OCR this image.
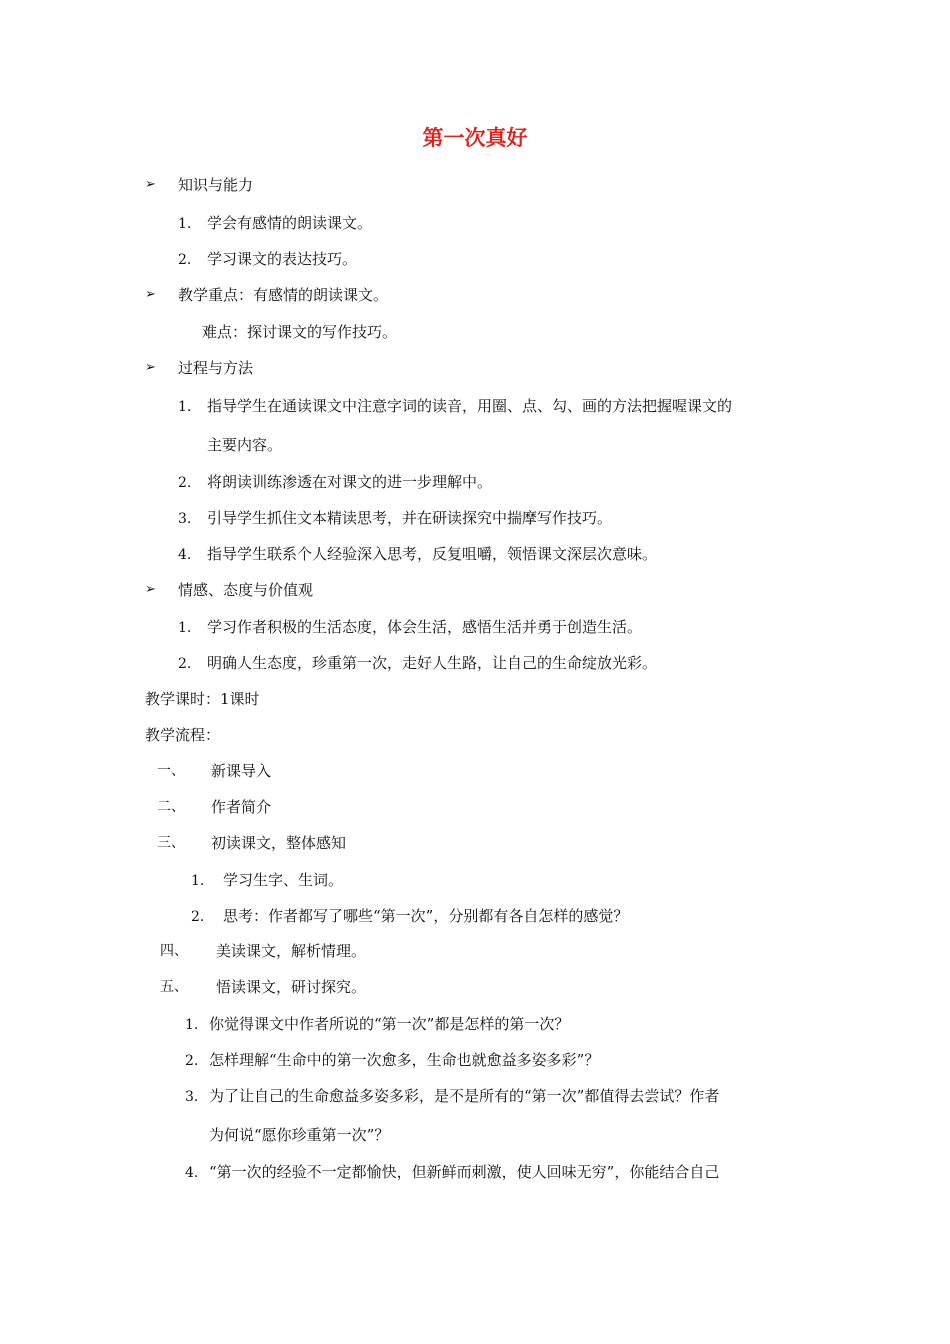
第一次真好
➢ 知识与能力
1. 学会有感情的朗读课文。
2. 学习课文的表达技巧。
➢ 教学重点：有感情的朗读课文。
难点：探讨课文的写作技巧。
➢ 过程与方法
1. 指导学生在通读课文中注意字词的读音，用圈、点、勾、画的方法把握喔课文的
主要内容。
2. 将朗读训练渗透在对课文的进一步理解中。
3. 引导学生抓住文本精读思考，并在研读探究中揣摩写作技巧。
4. 指导学生联系个人经验深入思考，反复咀嚼，领悟课文深层次意味。
➢ 情感、态度与价值观
1. 学习作者积极的生活态度，体会生活，感悟生活并勇于创造生活。
2. 明确人生态度，珍重第一次，走好人生路，让自己的生命绽放光彩。
教学课时：1课时
教学流程：
一、 新课导入
二、 作者简介
三、 初读课文，整体感知
1. 学习生字、生词。
2. 思考：作者都写了哪些“第一次”，分别都有各自怎样的感觉？
四、 美读课文，解析情理。
五、 悟读课文，研讨探究。
1. 你觉得课文中作者所说的“第一次”都是怎样的第一次？
2. 怎样理解“生命中的第一次愈多，生命也就愈益多姿多彩”？
3. 为了让自己的生命愈益多姿多彩，是不是所有的“第一次”都值得去尝试？作者
为何说“愿你珍重第一次”？
4. “第一次的经验不一定都愉快，但新鲜而刺激，使人回味无穷”，你能结合自己
